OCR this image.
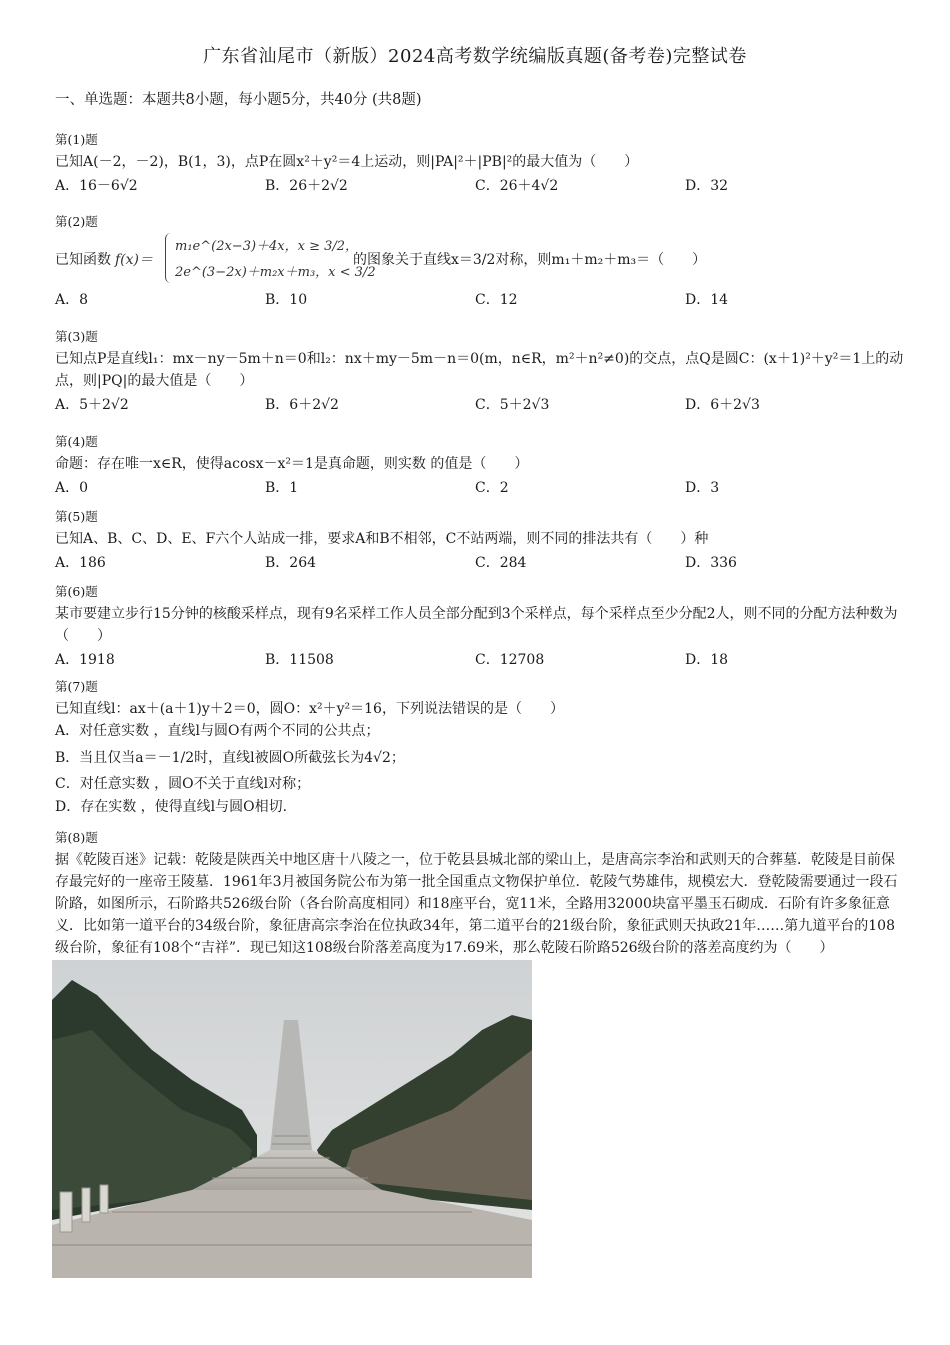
广东省汕尾市（新版）2024高考数学统编版真题(备考卷)完整试卷
一、单选题：本题共8小题，每小题5分，共40分 (共8题)
第(1)题
已知A(－2，－2)，B(1，3)，点P在圆x²＋y²＝4上运动，则|PA|²＋|PB|²的最大值为（　　）
A．16－6√2	B．26＋2√2	C．26＋4√2	D．32
第(2)题
已知函数 f(x)＝
m₁e^(2x−3)＋4x，x ≥ 3/2，
2e^(3−2x)＋m₂x＋m₃，x < 3/2
的图象关于直线x＝3/2对称，则m₁＋m₂＋m₃＝（　　）
A．8	B．10	C．12	D．14
第(3)题
已知点P是直线l₁：mx－ny－5m＋n＝0和l₂：nx＋my－5m－n＝0(m，n∈R，m²＋n²≠0)的交点，点Q是圆C：(x＋1)²＋y²＝1上的动点，则|PQ|的最大值是（　　）
A．5＋2√2	B．6＋2√2	C．5＋2√3	D．6＋2√3
第(4)题
命题：存在唯一x∈R，使得acosx－x²＝1是真命题，则实数 的值是（　　）
A．0	B．1	C．2	D．3
第(5)题
已知A、B、C、D、E、F六个人站成一排，要求A和B不相邻，C不站两端，则不同的排法共有（　　）种
A．186	B．264	C．284	D．336
第(6)题
某市要建立步行15分钟的核酸采样点，现有9名采样工作人员全部分配到3个采样点，每个采样点至少分配2人，则不同的分配方法种数为（　　）
A．1918	B．11508	C．12708	D．18
第(7)题
已知直线l：ax＋(a＋1)y＋2＝0，圆O：x²＋y²＝16，下列说法错误的是（　　）
A．对任意实数 ，直线l与圆O有两个不同的公共点；
B．当且仅当a＝－1/2时，直线l被圆O所截弦长为4√2；
C．对任意实数 ，圆O不关于直线l对称；
D．存在实数 ，使得直线l与圆O相切.
第(8)题
据《乾陵百迷》记载：乾陵是陕西关中地区唐十八陵之一，位于乾县县城北部的梁山上，是唐高宗李治和武则天的合葬墓．乾陵是目前保存最完好的一座帝王陵墓．1961年3月被国务院公布为第一批全国重点文物保护单位．乾陵气势雄伟，规模宏大．登乾陵需要通过一段石阶路，如图所示，石阶路共526级台阶（各台阶高度相同）和18座平台，宽11米，全路用32000块富平墨玉石砌成．石阶有许多象征意义．比如第一道平台的34级台阶，象征唐高宗李治在位执政34年，第二道平台的21级台阶，象征武则天执政21年……第九道平台的108级台阶，象征有108个“吉祥”．现已知这108级台阶落差高度为17.69米，那么乾陵石阶路526级台阶的落差高度约为（　　）
